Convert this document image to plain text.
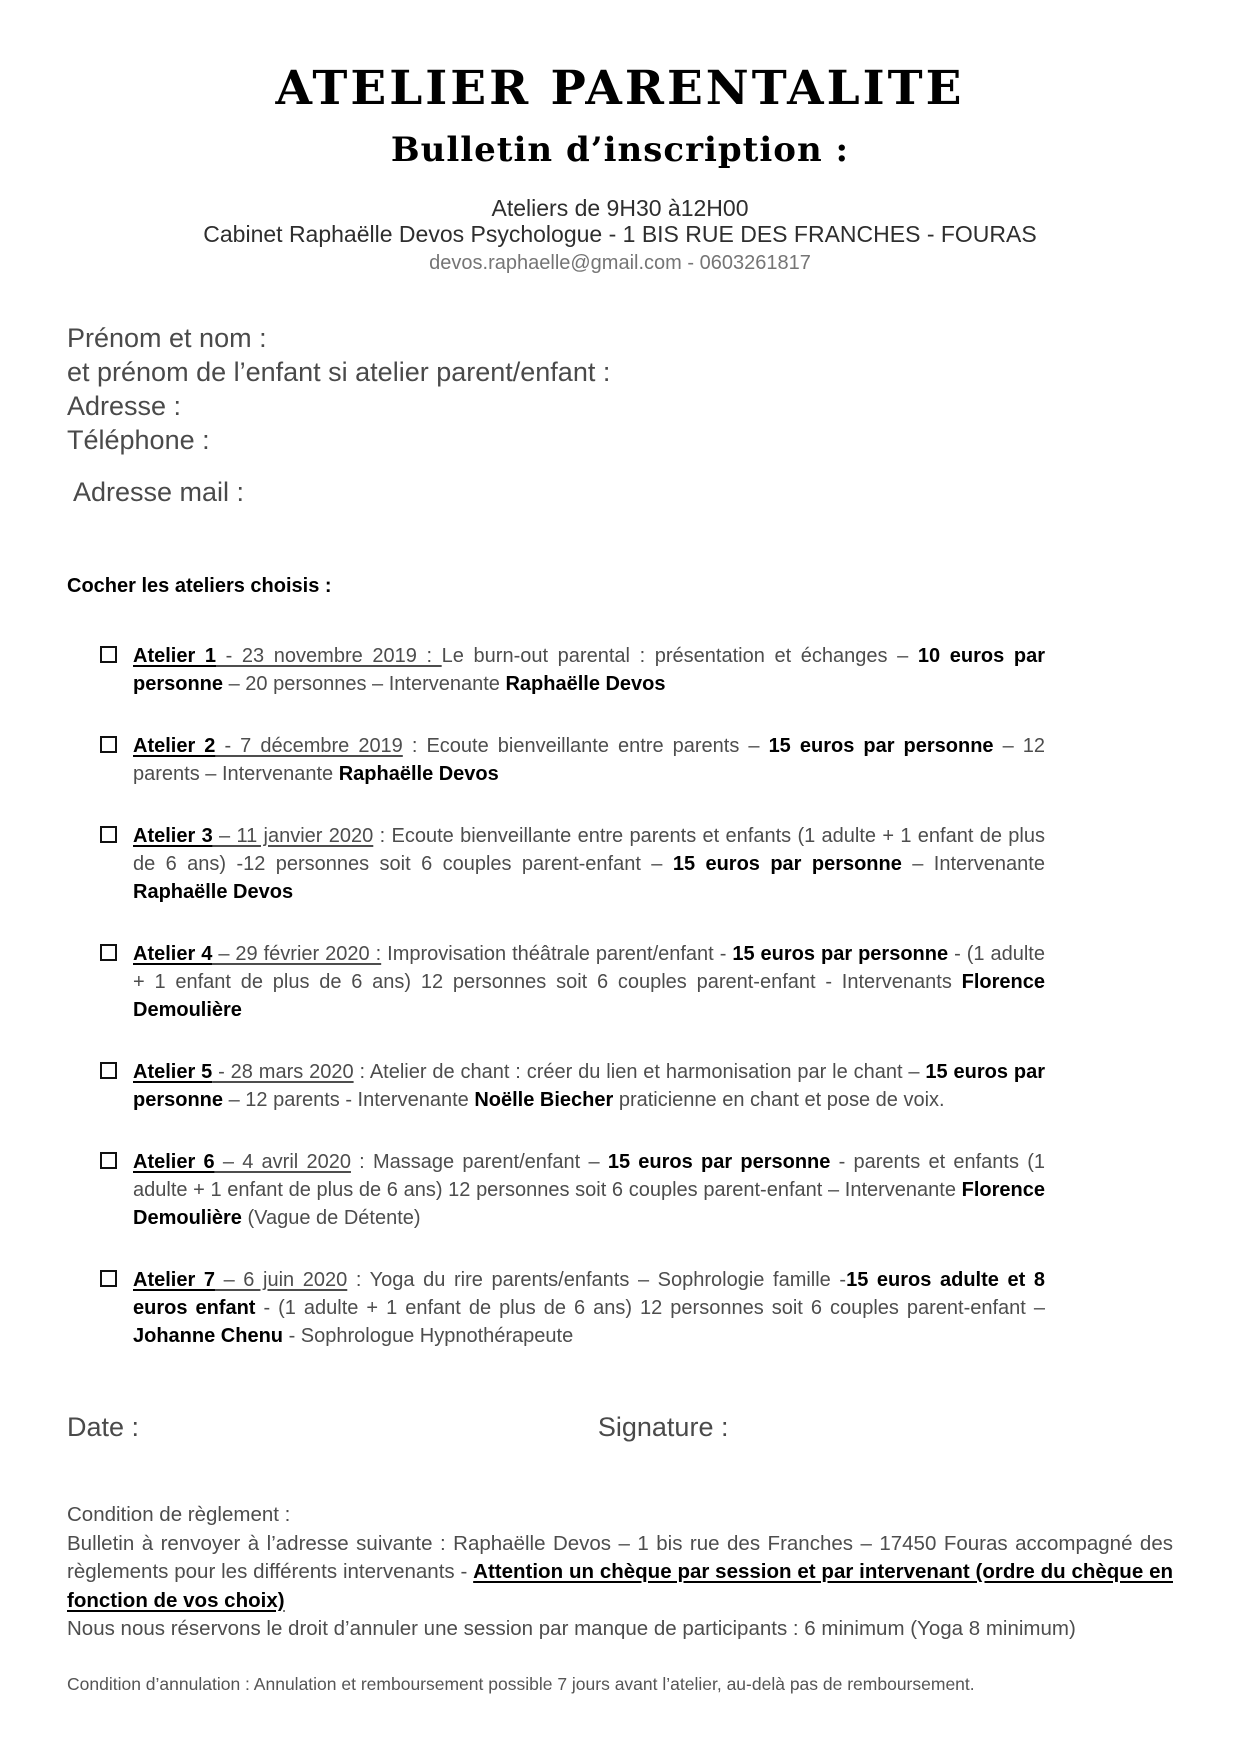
ATELIER PARENTALITE
Bulletin d’inscription :
Ateliers de 9H30 à12H00
Cabinet Raphaëlle Devos Psychologue - 1 BIS RUE DES FRANCHES - FOURAS
devos.raphaelle@gmail.com - 0603261817
Prénom et nom :
et prénom de l’enfant si atelier parent/enfant :
Adresse :
Téléphone :
Adresse mail :
Cocher les ateliers choisis :
Atelier 1 - 23 novembre 2019 : Le burn-out parental : présentation et échanges – 10 euros par personne – 20 personnes – Intervenante Raphaëlle Devos
Atelier 2 - 7 décembre 2019 : Ecoute bienveillante entre parents – 15 euros par personne – 12 parents – Intervenante Raphaëlle Devos
Atelier 3 – 11 janvier 2020 : Ecoute bienveillante entre parents et enfants (1 adulte + 1 enfant de plus de 6 ans) -12 personnes soit 6 couples parent-enfant – 15 euros par personne – Intervenante Raphaëlle Devos
Atelier 4 – 29 février 2020 : Improvisation théâtrale parent/enfant - 15 euros par personne - (1 adulte + 1 enfant de plus de 6 ans) 12 personnes soit 6 couples parent-enfant - Intervenants Florence Demoulière
Atelier 5 - 28 mars 2020 : Atelier de chant : créer du lien et harmonisation par le chant – 15 euros par personne – 12 parents - Intervenante Noëlle Biecher praticienne en chant et pose de voix.
Atelier 6 – 4 avril 2020 : Massage parent/enfant – 15 euros par personne - parents et enfants (1 adulte + 1 enfant de plus de 6 ans) 12 personnes soit 6 couples parent-enfant – Intervenante Florence Demoulière (Vague de Détente)
Atelier 7 – 6 juin 2020 : Yoga du rire parents/enfants – Sophrologie famille -15 euros adulte et 8 euros enfant - (1 adulte + 1 enfant de plus de 6 ans) 12 personnes soit 6 couples parent-enfant – Johanne Chenu - Sophrologue Hypnothérapeute
Date :	Signature :
Condition de règlement :
Bulletin à renvoyer à l’adresse suivante : Raphaëlle Devos – 1 bis rue des Franches – 17450 Fouras accompagné des règlements pour les différents intervenants - Attention un chèque par session et par intervenant (ordre du chèque en fonction de vos choix)
Nous nous réservons le droit d’annuler une session par manque de participants : 6 minimum (Yoga 8 minimum)
Condition d’annulation : Annulation et remboursement possible 7 jours avant l’atelier, au-delà pas de remboursement.
